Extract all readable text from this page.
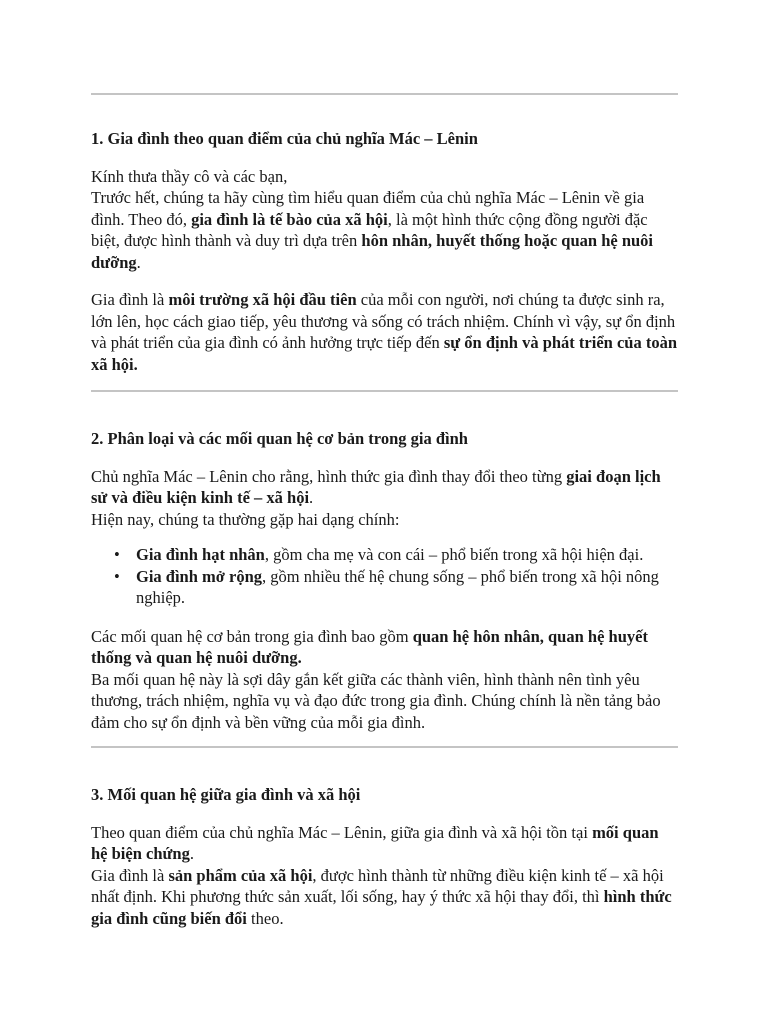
1. Gia đình theo quan điểm của chủ nghĩa Mác – Lênin

Kính thưa thầy cô và các bạn,

Trước hết, chúng ta hãy cùng tìm hiểu quan điểm của chủ nghĩa Mác – Lênin về gia đình. Theo đó, gia đình là tế bào của xã hội, là một hình thức cộng đồng người đặc biệt, được hình thành và duy trì dựa trên hôn nhân, huyết thống hoặc quan hệ nuôi dưỡng.

Gia đình là môi trường xã hội đầu tiên của mỗi con người, nơi chúng ta được sinh ra, lớn lên, học cách giao tiếp, yêu thương và sống có trách nhiệm. Chính vì vậy, sự ổn định và phát triển của gia đình có ảnh hưởng trực tiếp đến sự ổn định và phát triển của toàn xã hội.

2. Phân loại và các mối quan hệ cơ bản trong gia đình

Chủ nghĩa Mác – Lênin cho rằng, hình thức gia đình thay đổi theo từng giai đoạn lịch sử và điều kiện kinh tế – xã hội.

Hiện nay, chúng ta thường gặp hai dạng chính:

• Gia đình hạt nhân, gồm cha mẹ và con cái – phổ biến trong xã hội hiện đại.
• Gia đình mở rộng, gồm nhiều thế hệ chung sống – phổ biến trong xã hội nông nghiệp.

Các mối quan hệ cơ bản trong gia đình bao gồm quan hệ hôn nhân, quan hệ huyết thống và quan hệ nuôi dưỡng.

Ba mối quan hệ này là sợi dây gắn kết giữa các thành viên, hình thành nên tình yêu thương, trách nhiệm, nghĩa vụ và đạo đức trong gia đình. Chúng chính là nền tảng bảo đảm cho sự ổn định và bền vững của mỗi gia đình.

3. Mối quan hệ giữa gia đình và xã hội

Theo quan điểm của chủ nghĩa Mác – Lênin, giữa gia đình và xã hội tồn tại mối quan hệ biện chứng.

Gia đình là sản phẩm của xã hội, được hình thành từ những điều kiện kinh tế – xã hội nhất định. Khi phương thức sản xuất, lối sống, hay ý thức xã hội thay đổi, thì hình thức gia đình cũng biến đổi theo.
